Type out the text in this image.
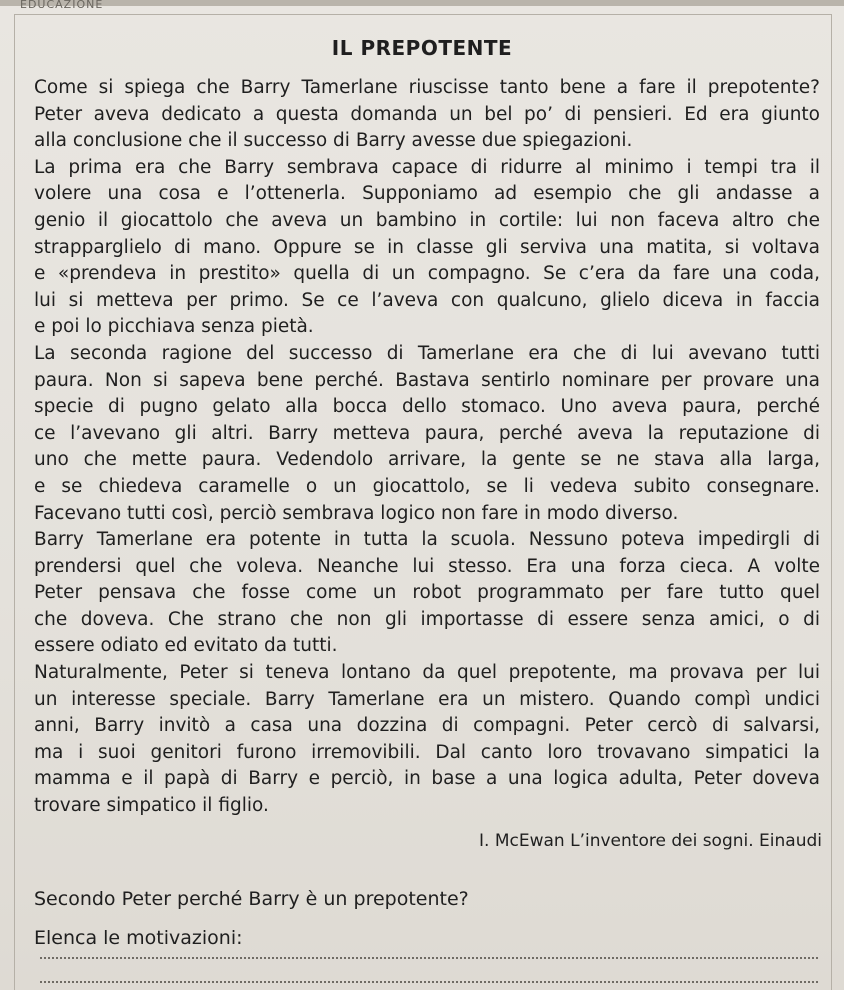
EDUCAZIONE
IL PREPOTENTE
Come si spiega che Barry Tamerlane riuscisse tanto bene a fare il prepotente?
Peter aveva dedicato a questa domanda un bel po’ di pensieri. Ed era giunto
alla conclusione che il successo di Barry avesse due spiegazioni.
La prima era che Barry sembrava capace di ridurre al minimo i tempi tra il
volere una cosa e l’ottenerla. Supponiamo ad esempio che gli andasse a
genio il giocattolo che aveva un bambino in cortile: lui non faceva altro che
strapparglielo di mano. Oppure se in classe gli serviva una matita, si voltava
e «prendeva in prestito» quella di un compagno. Se c’era da fare una coda,
lui si metteva per primo. Se ce l’aveva con qualcuno, glielo diceva in faccia
e poi lo picchiava senza pietà.
La seconda ragione del successo di Tamerlane era che di lui avevano tutti
paura. Non si sapeva bene perché. Bastava sentirlo nominare per provare una
specie di pugno gelato alla bocca dello stomaco. Uno aveva paura, perché
ce l’avevano gli altri. Barry metteva paura, perché aveva la reputazione di
uno che mette paura. Vedendolo arrivare, la gente se ne stava alla larga,
e se chiedeva caramelle o un giocattolo, se li vedeva subito consegnare.
Facevano tutti così, perciò sembrava logico non fare in modo diverso.
Barry Tamerlane era potente in tutta la scuola. Nessuno poteva impedirgli di
prendersi quel che voleva. Neanche lui stesso. Era una forza cieca. A volte
Peter pensava che fosse come un robot programmato per fare tutto quel
che doveva. Che strano che non gli importasse di essere senza amici, o di
essere odiato ed evitato da tutti.
Naturalmente, Peter si teneva lontano da quel prepotente, ma provava per lui
un interesse speciale. Barry Tamerlane era un mistero. Quando compì undici
anni, Barry invitò a casa una dozzina di compagni. Peter cercò di salvarsi,
ma i suoi genitori furono irremovibili. Dal canto loro trovavano simpatici la
mamma e il papà di Barry e perciò, in base a una logica adulta, Peter doveva
trovare simpatico il figlio.
I. McEwan L’inventore dei sogni. Einaudi
Secondo Peter perché Barry è un prepotente?
Elenca le motivazioni:
